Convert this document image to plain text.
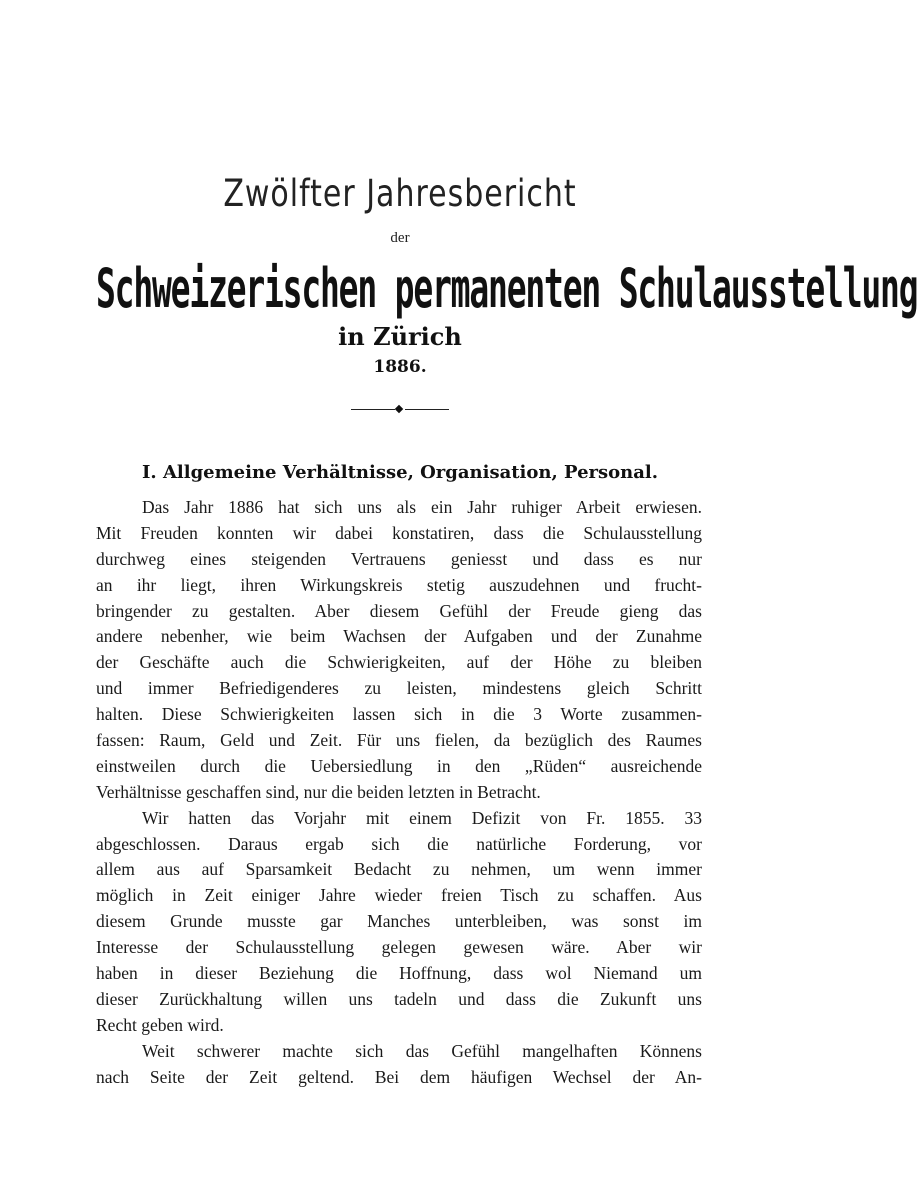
Zwölfter Jahresbericht
der
Schweizerischen permanenten Schulausstellung
in Zürich
1886.
I. Allgemeine Verhältnisse, Organisation, Personal.
Das Jahr 1886 hat sich uns als ein Jahr ruhiger Arbeit erwiesen.
Mit Freuden konnten wir dabei konstatiren, dass die Schulausstellung
durchweg eines steigenden Vertrauens geniesst und dass es nur
an ihr liegt, ihren Wirkungskreis stetig auszudehnen und frucht-
bringender zu gestalten. Aber diesem Gefühl der Freude gieng das
andere nebenher, wie beim Wachsen der Aufgaben und der Zunahme
der Geschäfte auch die Schwierigkeiten, auf der Höhe zu bleiben
und immer Befriedigenderes zu leisten, mindestens gleich Schritt
halten. Diese Schwierigkeiten lassen sich in die 3 Worte zusammen-
fassen: Raum, Geld und Zeit. Für uns fielen, da bezüglich des Raumes
einstweilen durch die Uebersiedlung in den „Rüden“ ausreichende
Verhältnisse geschaffen sind, nur die beiden letzten in Betracht.
Wir hatten das Vorjahr mit einem Defizit von Fr. 1855. 33
abgeschlossen. Daraus ergab sich die natürliche Forderung, vor
allem aus auf Sparsamkeit Bedacht zu nehmen, um wenn immer
möglich in Zeit einiger Jahre wieder freien Tisch zu schaffen. Aus
diesem Grunde musste gar Manches unterbleiben, was sonst im
Interesse der Schulausstellung gelegen gewesen wäre. Aber wir
haben in dieser Beziehung die Hoffnung, dass wol Niemand um
dieser Zurückhaltung willen uns tadeln und dass die Zukunft uns
Recht geben wird.
Weit schwerer machte sich das Gefühl mangelhaften Könnens
nach Seite der Zeit geltend. Bei dem häufigen Wechsel der An-
